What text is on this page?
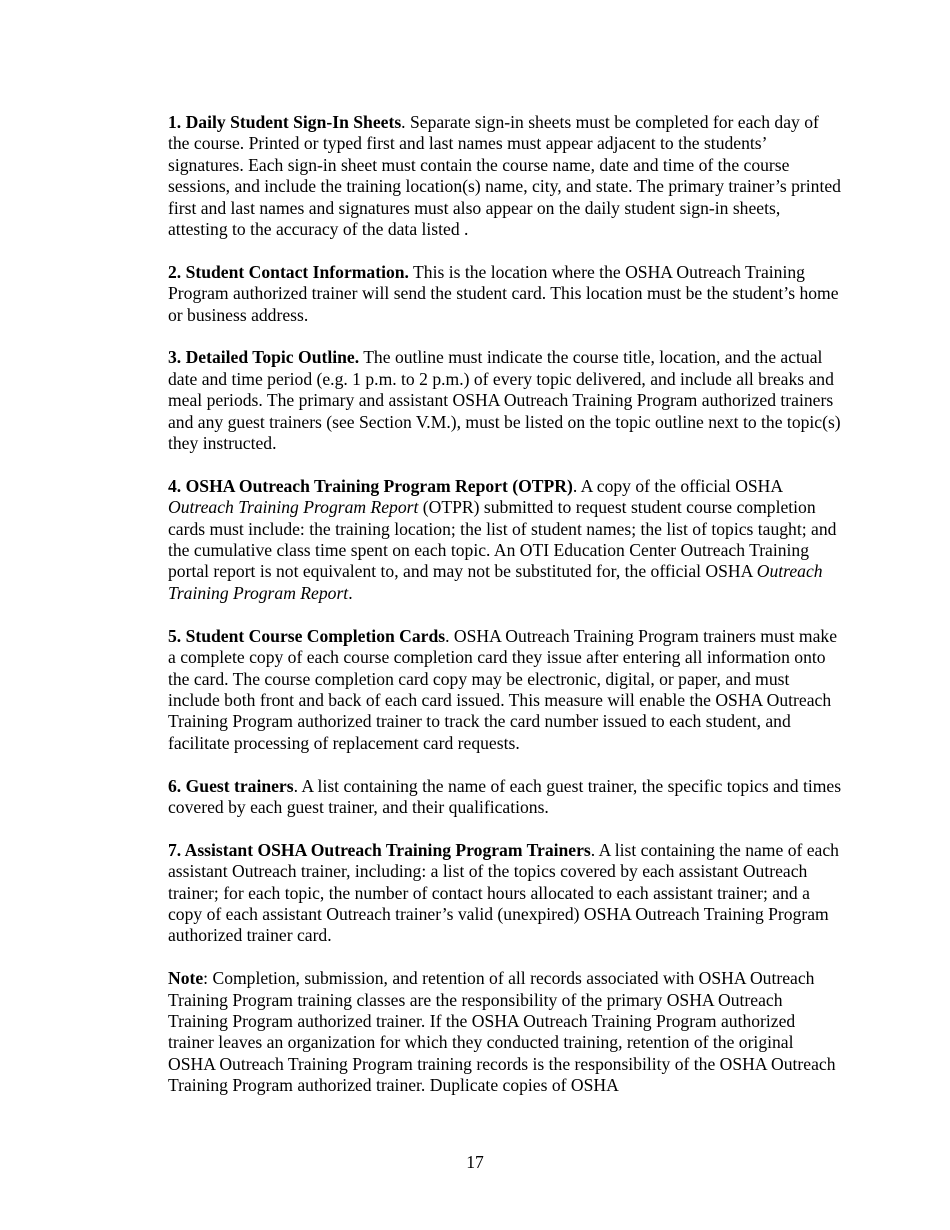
1. Daily Student Sign-In Sheets. Separate sign-in sheets must be completed for each day of the course. Printed or typed first and last names must appear adjacent to the students’ signatures. Each sign-in sheet must contain the course name, date and time of the course sessions, and include the training location(s) name, city, and state. The primary trainer’s printed first and last names and signatures must also appear on the daily student sign-in sheets, attesting to the accuracy of the data listed .

2. Student Contact Information. This is the location where the OSHA Outreach Training Program authorized trainer will send the student card. This location must be the student’s home or business address.

3. Detailed Topic Outline. The outline must indicate the course title, location, and the actual date and time period (e.g. 1 p.m. to 2 p.m.) of every topic delivered, and include all breaks and meal periods. The primary and assistant OSHA Outreach Training Program authorized trainers and any guest trainers (see Section V.M.), must be listed on the topic outline next to the topic(s) they instructed.

4. OSHA Outreach Training Program Report (OTPR). A copy of the official OSHA Outreach Training Program Report (OTPR) submitted to request student course completion cards must include: the training location; the list of student names; the list of topics taught; and the cumulative class time spent on each topic. An OTI Education Center Outreach Training portal report is not equivalent to, and may not be substituted for, the official OSHA Outreach Training Program Report.

5. Student Course Completion Cards. OSHA Outreach Training Program trainers must make a complete copy of each course completion card they issue after entering all information onto the card. The course completion card copy may be electronic, digital, or paper, and must include both front and back of each card issued. This measure will enable the OSHA Outreach Training Program authorized trainer to track the card number issued to each student, and facilitate processing of replacement card requests.

6. Guest trainers. A list containing the name of each guest trainer, the specific topics and times covered by each guest trainer, and their qualifications.

7. Assistant OSHA Outreach Training Program Trainers. A list containing the name of each assistant Outreach trainer, including: a list of the topics covered by each assistant Outreach trainer; for each topic, the number of contact hours allocated to each assistant trainer; and a copy of each assistant Outreach trainer’s valid (unexpired) OSHA Outreach Training Program authorized trainer card.

Note: Completion, submission, and retention of all records associated with OSHA Outreach Training Program training classes are the responsibility of the primary OSHA Outreach Training Program authorized trainer. If the OSHA Outreach Training Program authorized trainer leaves an organization for which they conducted training, retention of the original OSHA Outreach Training Program training records is the responsibility of the OSHA Outreach Training Program authorized trainer. Duplicate copies of OSHA

17
